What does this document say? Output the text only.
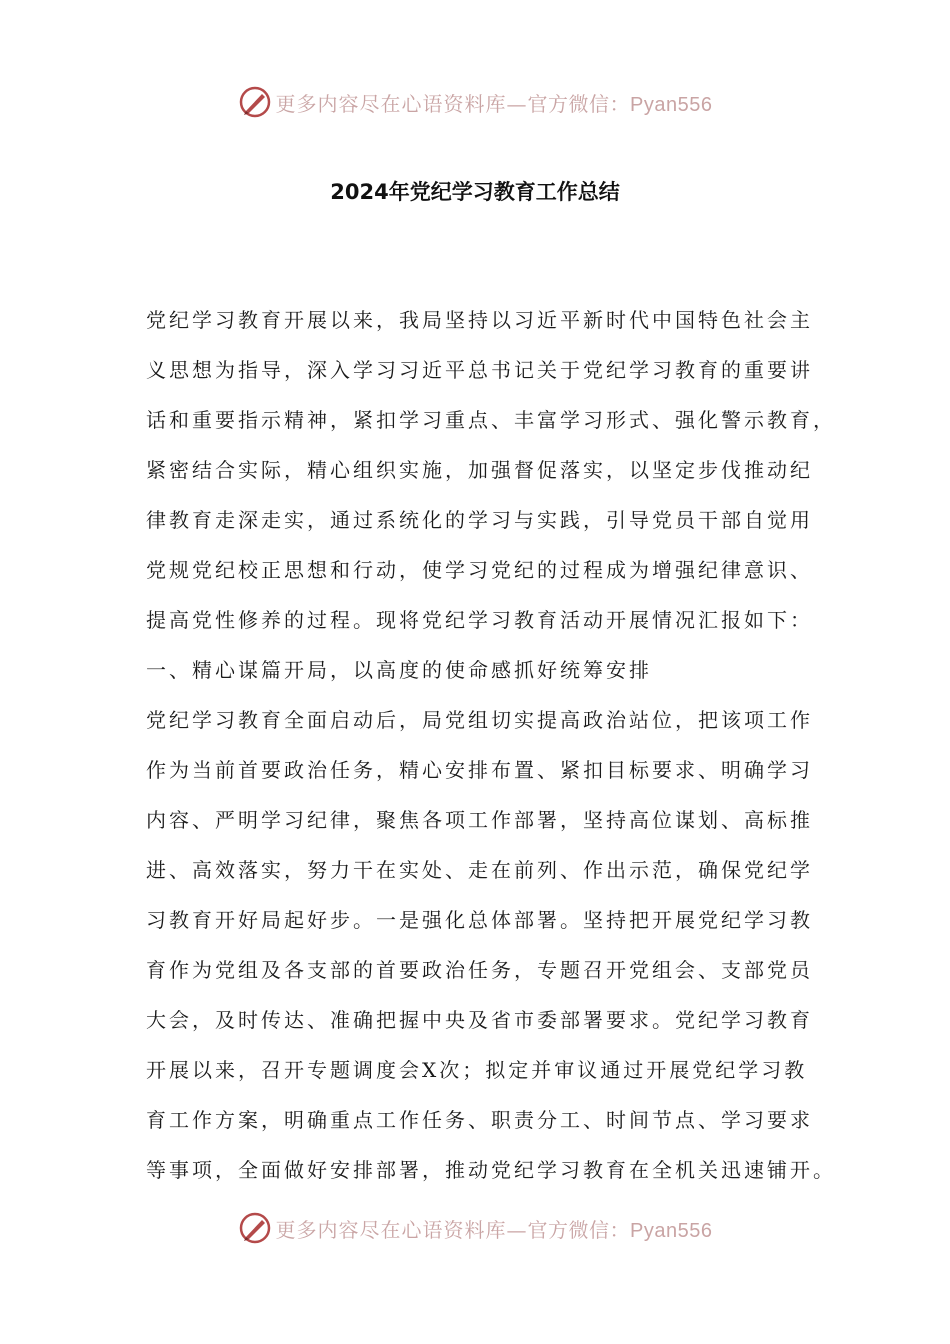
更多内容尽在心语资料库— 官方微信：Pyan556
2024年党纪学习教育工作总结
党纪学习教育开展以来，我局坚持以习近平新时代中国特色社会主
义思想为指导，深入学习习近平总书记关于党纪学习教育的重要讲
话和重要指示精神，紧扣学习重点、丰富学习形式、强化警示教育，
紧密结合实际，精心组织实施，加强督促落实，以坚定步伐推动纪
律教育走深走实，通过系统化的学习与实践，引导党员干部自觉用
党规党纪校正思想和行动，使学习党纪的过程成为增强纪律意识、
提高党性修养的过程。现将党纪学习教育活动开展情况汇报如下：
一、精心谋篇开局，以高度的使命感抓好统筹安排
党纪学习教育全面启动后，局党组切实提高政治站位，把该项工作
作为当前首要政治任务，精心安排布置、紧扣目标要求、明确学习
内容、严明学习纪律，聚焦各项工作部署，坚持高位谋划、高标推
进、高效落实，努力干在实处、走在前列、作出示范，确保党纪学
习教育开好局起好步。一是强化总体部署。坚持把开展党纪学习教
育作为党组及各支部的首要政治任务，专题召开党组会、支部党员
大会，及时传达、准确把握中央及省市委部署要求。党纪学习教育
开展以来，召开专题调度会X次；拟定并审议通过开展党纪学习教
育工作方案，明确重点工作任务、职责分工、时间节点、学习要求
等事项，全面做好安排部署，推动党纪学习教育在全机关迅速铺开。
更多内容尽在心语资料库— 官方微信：Pyan556
